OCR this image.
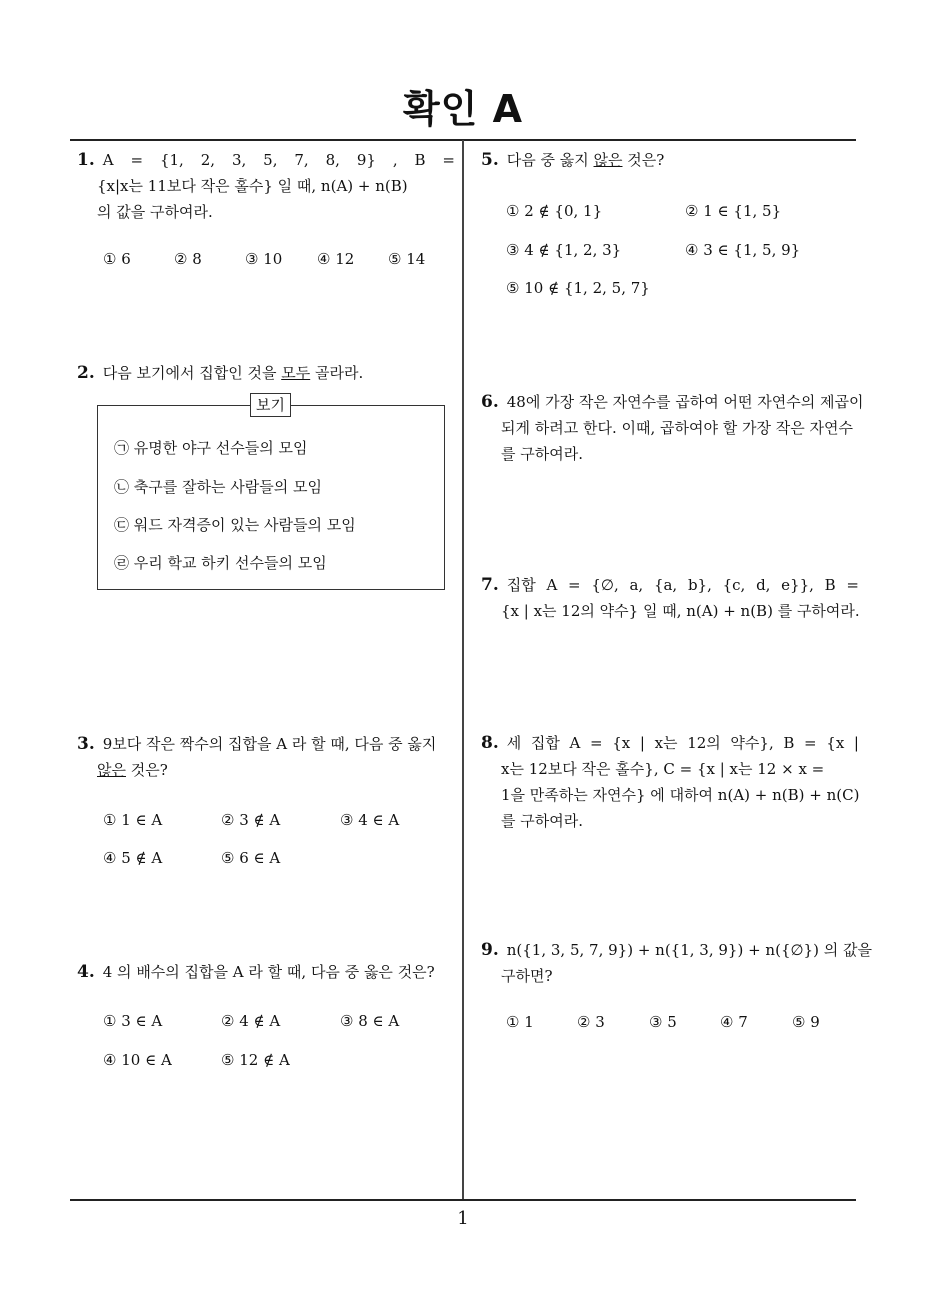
확인 A
1
1. A = {1, 2, 3, 5, 7, 8, 9} , B =
{x|x는 11보다 작은 홀수} 일 때, n(A) + n(B)
의 값을 구하여라.
① 6	② 8	③ 10 ④ 12 ⑤ 14
2. 다음 보기에서 집합인 것을 모두 골라라.
보기
㉠ 유명한 야구 선수들의 모임
㉡ 축구를 잘하는 사람들의 모임
㉢ 워드 자격증이 있는 사람들의 모임
㉣ 우리 학교 하키 선수들의 모임
3. 9보다 작은 짝수의 집합을 A 라 할 때, 다음 중 옳지
않은 것은?
① 1 ∈ A	② 3 ∉ A	③ 4 ∈ A
④ 5 ∉ A	⑤ 6 ∈ A
4. 4 의 배수의 집합을 A 라 할 때, 다음 중 옳은 것은?
① 3 ∈ A	② 4 ∉ A	③ 8 ∈ A
④ 10 ∈ A	⑤ 12 ∉ A
5. 다음 중 옳지 않은 것은?
① 2 ∉ {0, 1}	② 1 ∈ {1, 5}
③ 4 ∉ {1, 2, 3}	④ 3 ∈ {1, 5, 9}
⑤ 10 ∉ {1, 2, 5, 7}
6. 48에 가장 작은 자연수를 곱하여 어떤 자연수의 제곱이
되게 하려고 한다. 이때, 곱하여야 할 가장 작은 자연수
를 구하여라.
7. 집합 A = {∅, a, {a, b}, {c, d, e}}, B =
{x | x는 12의 약수} 일 때, n(A) + n(B) 를 구하여라.
8. 세 집합 A = {x | x는 12의 약수}, B = {x |
x는 12보다 작은 홀수}, C = {x | x는 12 × x =
1을 만족하는 자연수} 에 대하여 n(A) + n(B) + n(C)
를 구하여라.
9. n({1, 3, 5, 7, 9}) + n({1, 3, 9}) + n({∅}) 의 값을
구하면?
① 1	② 3	③ 5	④ 7	⑤ 9
